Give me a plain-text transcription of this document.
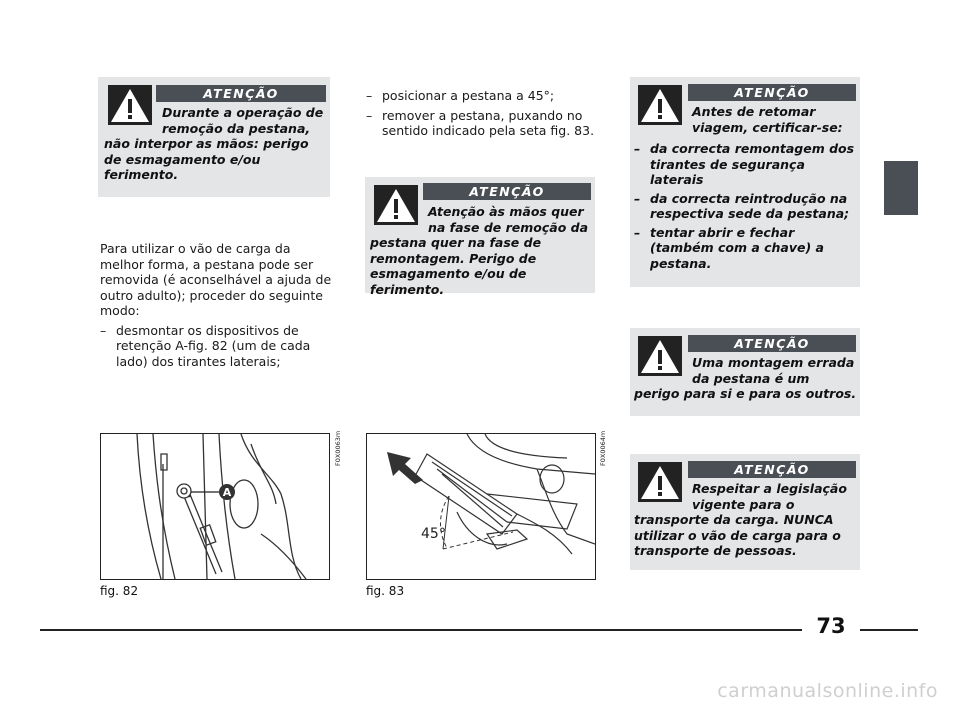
ATENÇÃO
Durante a operação de remoção da pestana, não interpor as mãos: perigo de esmagamento e/ou ferimento.

Para utilizar o vão de carga da melhor forma, a pestana pode ser removida (é aconselhável a ajuda de outro adulto); proceder do seguinte modo:

– desmontar os dispositivos de retenção A-fig. 82 (um de cada lado) dos tirantes laterais;
– posicionar a pestana a 45°;
– remover a pestana, puxando no sentido indicado pela seta fig. 83.
ATENÇÃO
Atenção às mãos quer na fase de remoção da pestana quer na fase de remontagem. Perigo de esmagamento e/ou de ferimento.
ATENÇÃO
Antes de retomar viagem, certificar-se:
– da correcta remontagem dos tirantes de segurança laterais
– da correcta reintrodução na respectiva sede da pestana;
– tentar abrir e fechar (também com a chave) a pestana.
ATENÇÃO
Uma montagem errada da pestana é um perigo para si e para os outros.
ATENÇÃO
Respeitar a legislação vigente para o transporte da carga. NUNCA utilizar o vão de carga para o transporte de pessoas.
A
F0X0063m
fig. 82
45°
F0X0064m
fig. 83
73
carmanualsonline.info
